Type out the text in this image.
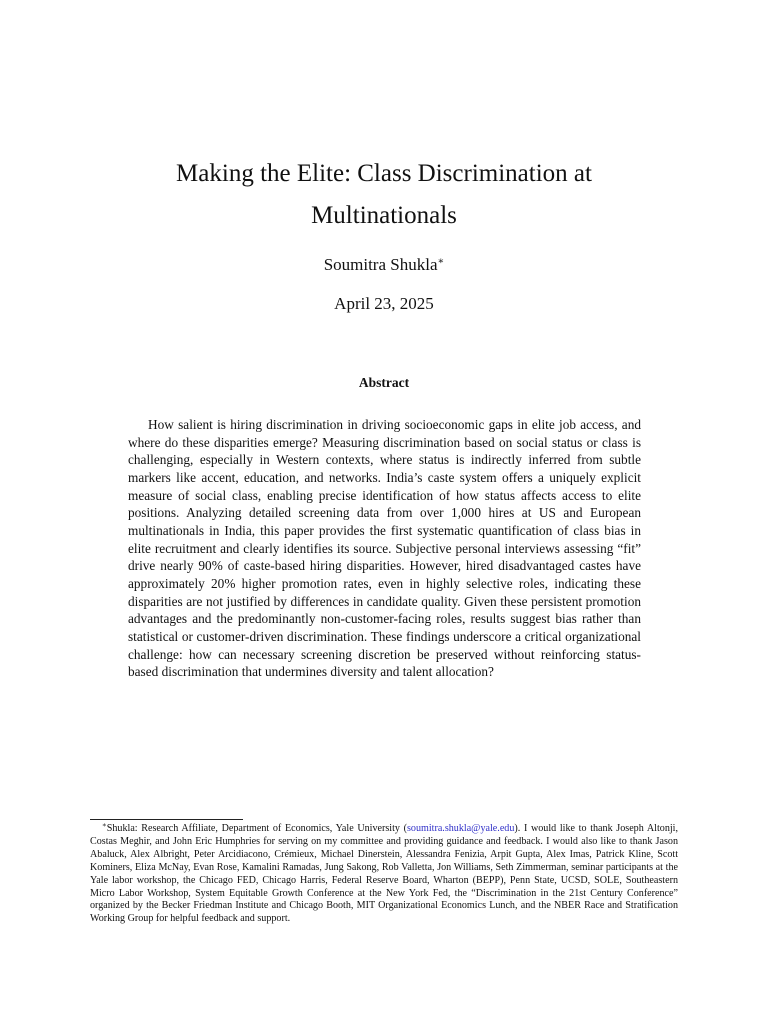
Making the Elite: Class Discrimination at
Multinationals
Soumitra Shukla∗
April 23, 2025
Abstract

How salient is hiring discrimination in driving socioeconomic gaps in elite job access, and where do these disparities emerge? Measuring discrimination based on social status or class is challenging, especially in Western contexts, where status is indirectly inferred from subtle markers like accent, education, and networks. India’s caste system offers a uniquely explicit measure of social class, enabling precise identification of how status affects access to elite positions. Analyzing detailed screening data from over 1,000 hires at US and European multinationals in India, this paper provides the first systematic quantification of class bias in elite recruitment and clearly identifies its source. Subjective personal interviews assessing “fit” drive nearly 90% of caste-based hiring disparities. However, hired disadvantaged castes have approximately 20% higher promotion rates, even in highly selective roles, indicating these disparities are not justified by differences in candidate quality. Given these persistent promotion advantages and the predominantly non-customer-facing roles, results suggest bias rather than statistical or customer-driven discrimination. These findings underscore a critical organizational challenge: how can necessary screening discretion be preserved without reinforcing status-based discrimination that undermines diversity and talent allocation?

∗Shukla: Research Affiliate, Department of Economics, Yale University (soumitra.shukla@yale.edu). I would like to thank Joseph Altonji, Costas Meghir, and John Eric Humphries for serving on my committee and providing guidance and feedback. I would also like to thank Jason Abaluck, Alex Albright, Peter Arcidiacono, Crémieux, Michael Dinerstein, Alessandra Fenizia, Arpit Gupta, Alex Imas, Patrick Kline, Scott Kominers, Eliza McNay, Evan Rose, Kamalini Ramadas, Jung Sakong, Rob Valletta, Jon Williams, Seth Zimmerman, seminar participants at the Yale labor workshop, the Chicago FED, Chicago Harris, Federal Reserve Board, Wharton (BEPP), Penn State, UCSD, SOLE, Southeastern Micro Labor Workshop, System Equitable Growth Conference at the New York Fed, the “Discrimination in the 21st Century Conference” organized by the Becker Friedman Institute and Chicago Booth, MIT Organizational Economics Lunch, and the NBER Race and Stratification Working Group for helpful feedback and support.
